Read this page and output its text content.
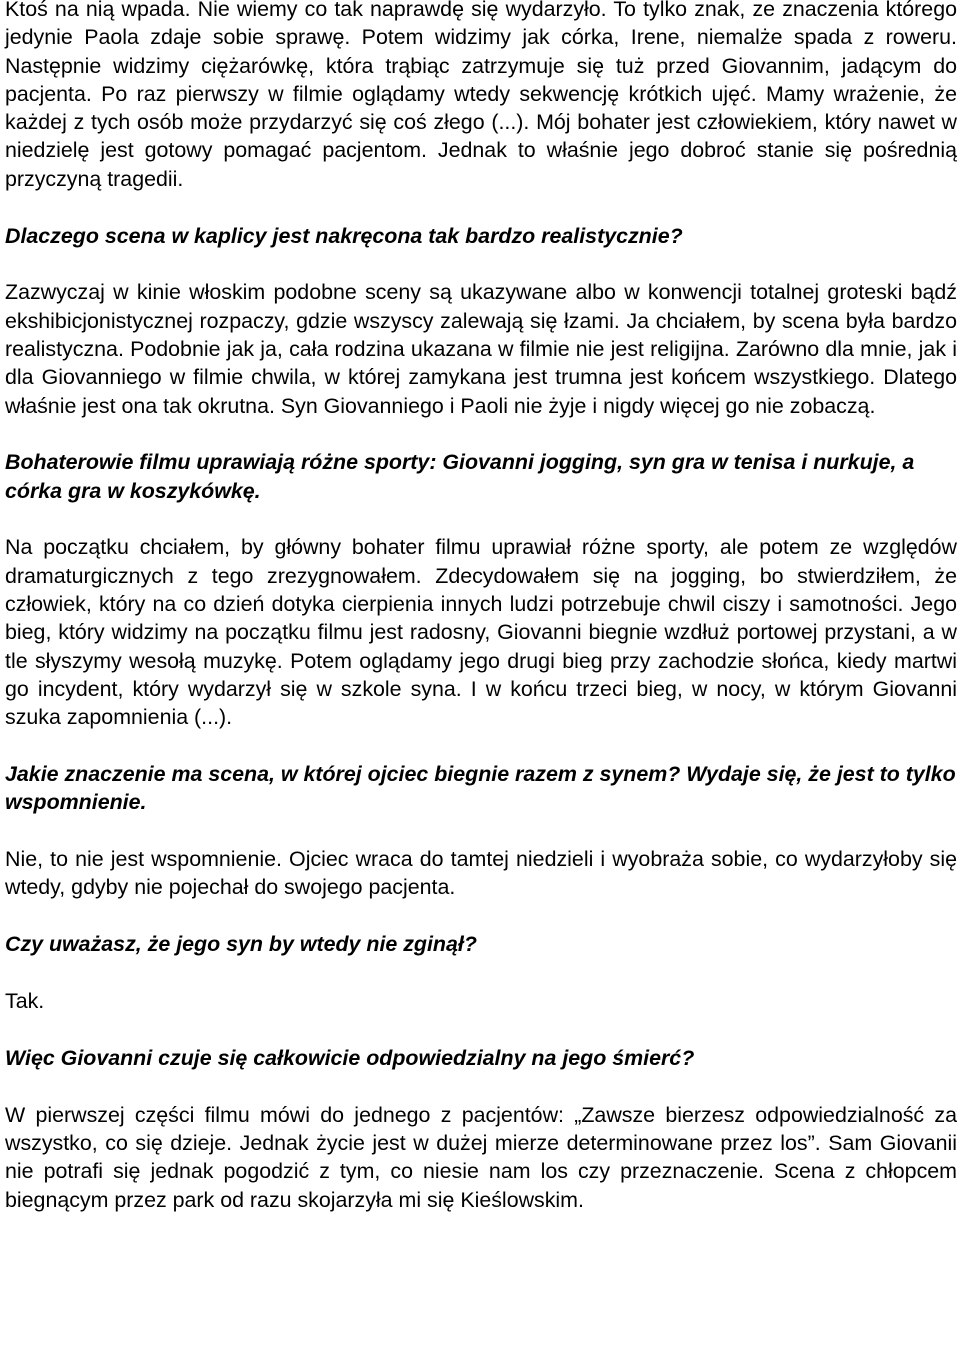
Ktoś na nią wpada. Nie wiemy co tak naprawdę się wydarzyło. To tylko znak, ze znaczenia którego jedynie Paola zdaje sobie sprawę. Potem widzimy jak córka, Irene, niemalże spada z roweru. Następnie widzimy ciężarówkę, która trąbiąc zatrzymuje się tuż przed Giovannim, jadącym do pacjenta. Po raz pierwszy w filmie oglądamy wtedy sekwencję krótkich ujęć. Mamy wrażenie, że każdej z tych osób może przydarzyć się coś złego (...). Mój bohater jest człowiekiem, który nawet w niedzielę jest gotowy pomagać pacjentom. Jednak to właśnie jego dobroć stanie się pośrednią przyczyną tragedii.

Dlaczego scena w kaplicy jest nakręcona tak bardzo realistycznie?

Zazwyczaj w kinie włoskim podobne sceny są ukazywane albo w konwencji totalnej groteski bądź ekshibicjonistycznej rozpaczy, gdzie wszyscy zalewają się łzami. Ja chciałem, by scena była bardzo realistyczna. Podobnie jak ja, cała rodzina ukazana w filmie nie jest religijna. Zarówno dla mnie, jak i dla Giovanniego w filmie chwila, w której zamykana jest trumna jest końcem wszystkiego. Dlatego właśnie jest ona tak okrutna. Syn Giovanniego i Paoli nie żyje i nigdy więcej go nie zobaczą.

Bohaterowie filmu uprawiają różne sporty: Giovanni jogging, syn gra w tenisa i nurkuje, a córka gra w koszykówkę.

Na początku chciałem, by główny bohater filmu uprawiał różne sporty, ale potem ze względów dramaturgicznych z tego zrezygnowałem. Zdecydowałem się na jogging, bo stwierdziłem, że człowiek, który na co dzień dotyka cierpienia innych ludzi potrzebuje chwil ciszy i samotności. Jego bieg, który widzimy na początku filmu jest radosny, Giovanni biegnie wzdłuż portowej przystani, a w tle słyszymy wesołą muzykę. Potem oglądamy jego drugi bieg przy zachodzie słońca, kiedy martwi go incydent, który wydarzył się w szkole syna. I w końcu trzeci bieg, w nocy, w którym Giovanni szuka zapomnienia (...).

Jakie znaczenie ma scena, w której ojciec biegnie razem z synem? Wydaje się, że jest to tylko wspomnienie.

Nie, to nie jest wspomnienie. Ojciec wraca do tamtej niedzieli i wyobraża sobie, co wydarzyłoby się wtedy, gdyby nie pojechał do swojego pacjenta.

Czy uważasz, że jego syn by wtedy nie zginął?

Tak.

Więc Giovanni czuje się całkowicie odpowiedzialny na jego śmierć?

W pierwszej części filmu mówi do jednego z pacjentów: „Zawsze bierzesz odpowiedzialność za wszystko, co się dzieje. Jednak życie jest w dużej mierze determinowane przez los”. Sam Giovanii nie potrafi się jednak pogodzić z tym, co niesie nam los czy przeznaczenie. Scena z chłopcem biegnącym przez park od razu skojarzyła mi się Kieślowskim.
